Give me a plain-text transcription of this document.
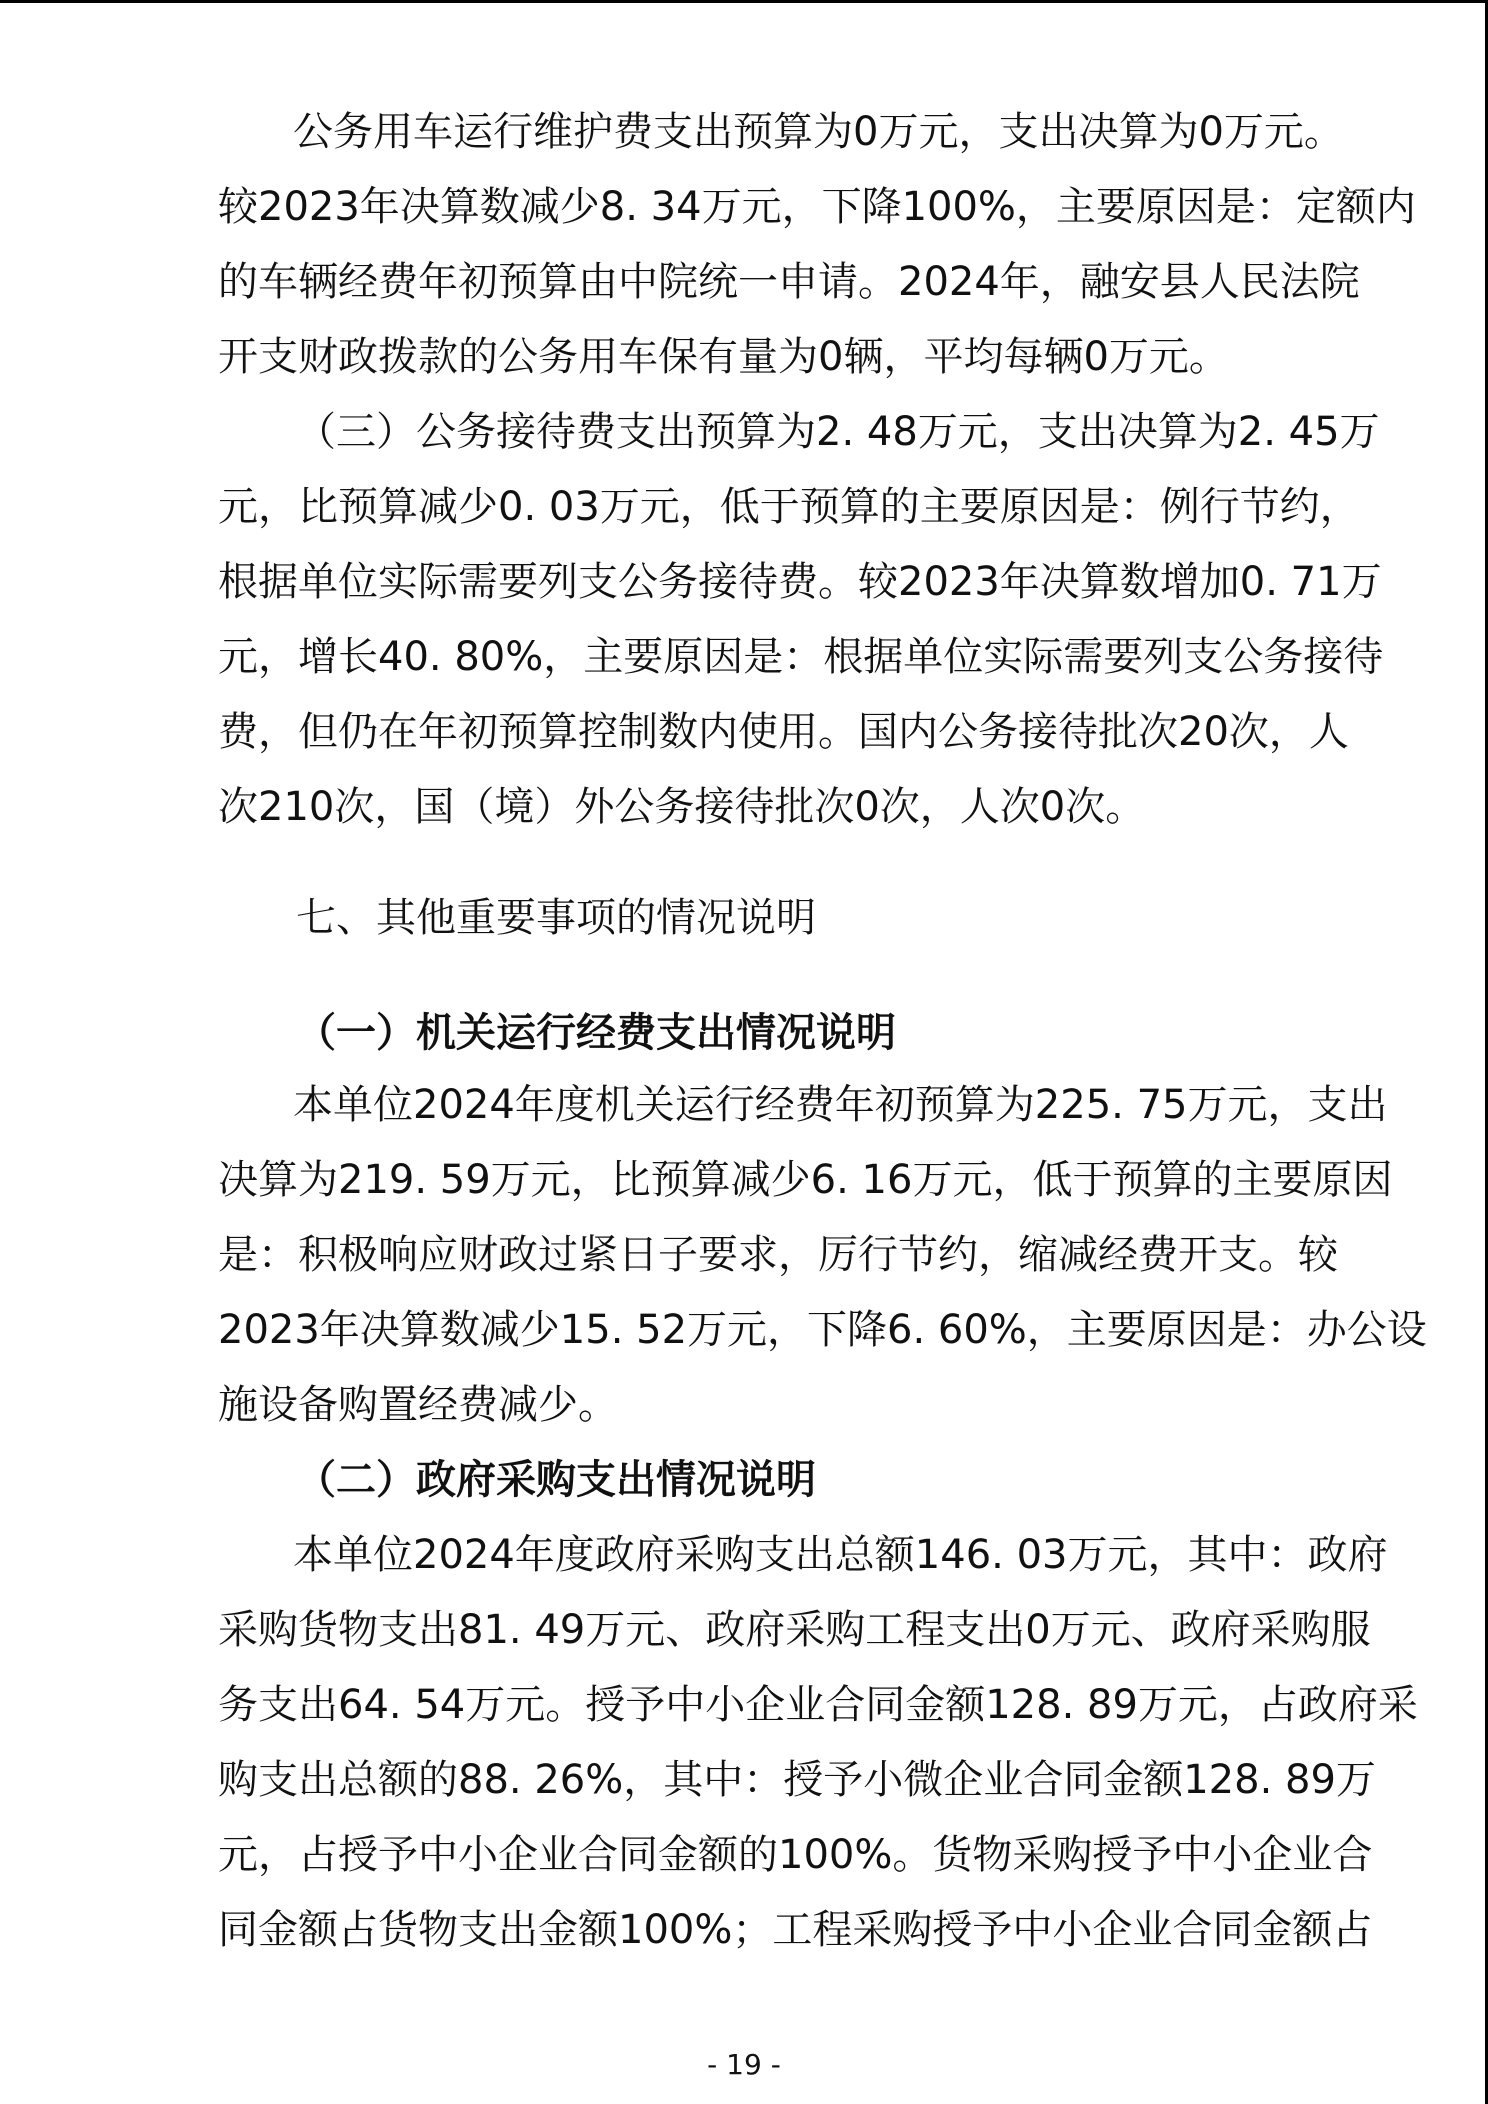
公务用车运行维护费支出预算为0万元，支出决算为0万元。

较2023年决算数减少8. 34万元，下降100%，主要原因是：定额内

的车辆经费年初预算由中院统一申请。2024年，融安县人民法院

开支财政拨款的公务用车保有量为0辆，平均每辆0万元。

（三）公务接待费支出预算为2. 48万元，支出决算为2. 45万

元，比预算减少0. 03万元，低于预算的主要原因是：例行节约，

根据单位实际需要列支公务接待费。较2023年决算数增加0. 71万

元，增长40. 80%，主要原因是：根据单位实际需要列支公务接待

费，但仍在年初预算控制数内使用。国内公务接待批次20次，人

次210次，国（境）外公务接待批次0次，人次0次。

七、其他重要事项的情况说明
（一）机关运行经费支出情况说明

本单位2024年度机关运行经费年初预算为225. 75万元，支出

决算为219. 59万元，比预算减少6. 16万元，低于预算的主要原因

是：积极响应财政过紧日子要求，厉行节约，缩减经费开支。较

2023年决算数减少15. 52万元，下降6. 60%，主要原因是：办公设

施设备购置经费减少。

（二）政府采购支出情况说明

本单位2024年度政府采购支出总额146. 03万元，其中：政府

采购货物支出81. 49万元、政府采购工程支出0万元、政府采购服

务支出64. 54万元。授予中小企业合同金额128. 89万元，占政府采

购支出总额的88. 26%，其中：授予小微企业合同金额128. 89万

元，占授予中小企业合同金额的100%。货物采购授予中小企业合

同金额占货物支出金额100%；工程采购授予中小企业合同金额占

- 19 -
